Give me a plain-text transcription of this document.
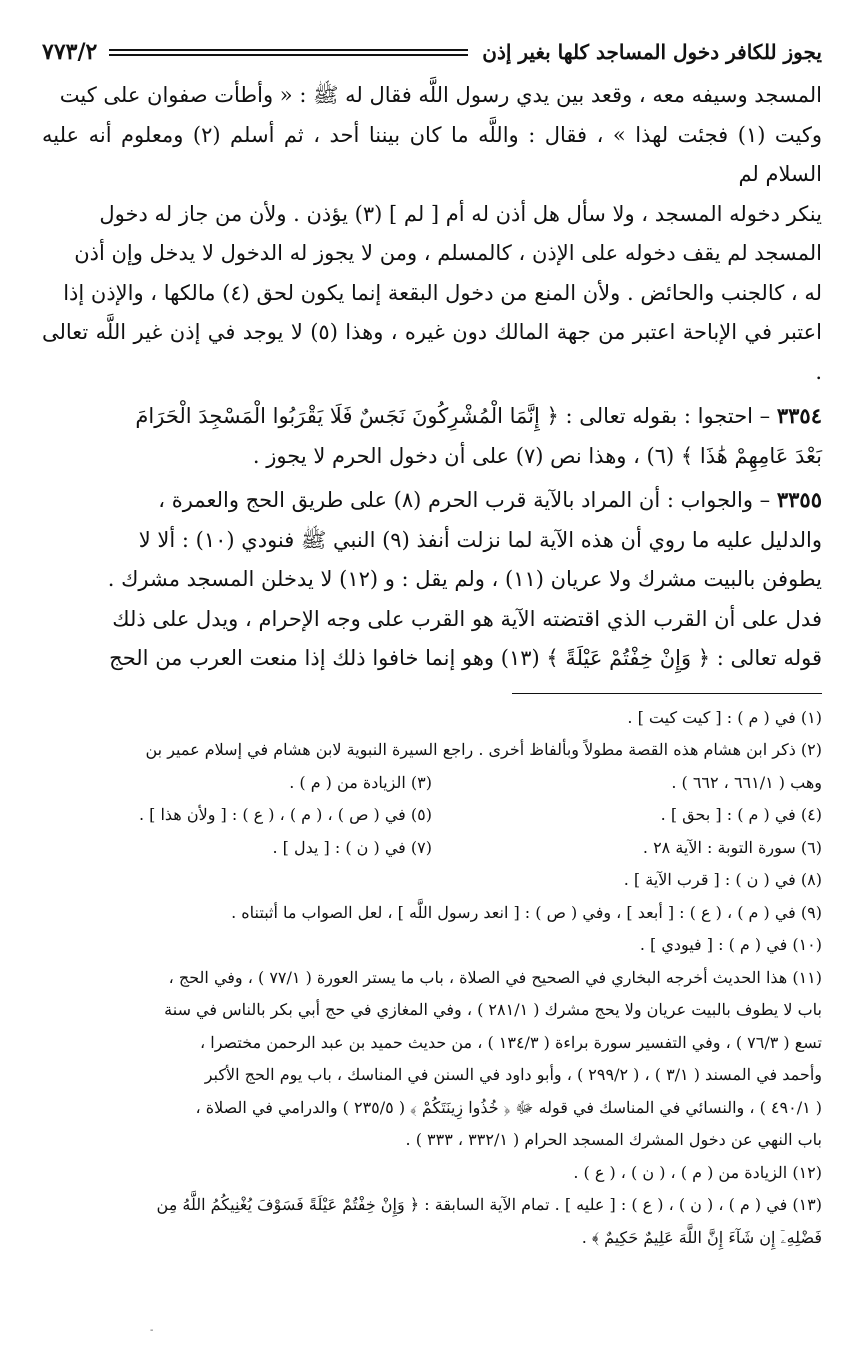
يجوز للكافر دخول المساجد كلها بغير إذن
٧٧٣/٢

المسجد وسيفه معه ، وقعد بين يدي رسول اللَّه فقال له ﷺ : « وأطأت صفوان على كيت

وكيت (١) فجئت لهذا » ، فقال : واللَّه ما كان بيننا أحد ، ثم أسلم (٢) ومعلوم أنه عليه السلام لم

ينكر دخوله المسجد ، ولا سأل هل أذن له أم [ لم ] (٣) يؤذن . ولأن من جاز له دخول

المسجد لم يقف دخوله على الإذن ، كالمسلم ، ومن لا يجوز له الدخول لا يدخل وإن أذن

له ، كالجنب والحائض . ولأن المنع من دخول البقعة إنما يكون لحق (٤) مالكها ، والإذن إذا

اعتبر في الإباحة اعتبر من جهة المالك دون غيره ، وهذا (٥) لا يوجد في إذن غير اللَّه تعالى .

٣٣٥٤ – احتجوا : بقوله تعالى : ﴿ إِنَّمَا الْمُشْرِكُونَ نَجَسٌ فَلَا يَقْرَبُوا الْمَسْجِدَ الْحَرَامَ

بَعْدَ عَامِهِمْ هَٰذَا ﴾ (٦) ، وهذا نص (٧) على أن دخول الحرم لا يجوز .

٣٣٥٥ – والجواب : أن المراد بالآية قرب الحرم (٨) على طريق الحج والعمرة ،

والدليل عليه ما روي أن هذه الآية لما نزلت أنفذ (٩) النبي ﷺ فنودي (١٠) : ألا لا

يطوفن بالبيت مشرك ولا عريان (١١) ، ولم يقل : و (١٢) لا يدخلن المسجد مشرك .

فدل على أن القرب الذي اقتضته الآية هو القرب على وجه الإحرام ، ويدل على ذلك

قوله تعالى : ﴿ وَإِنْ خِفْتُمْ عَيْلَةً ﴾ (١٣) وهو إنما خافوا ذلك إذا منعت العرب من الحج

(١) في ( م ) : [ كيت كيت ] .

(٢) ذكر ابن هشام هذه القصة مطولاً وبألفاظ أخرى . راجع السيرة النبوية لابن هشام في إسلام عمير بن

وهب ( ٦٦١/١ ، ٦٦٢ ) .

(٣) الزيادة من ( م ) .

(٤) في ( م ) : [ بحق ] .

(٥) في ( ص ) ، ( م ) ، ( ع ) : [ ولأن هذا ] .

(٦) سورة التوبة : الآية ٢٨ .

(٧) في ( ن ) : [ يدل ] .

(٨) في ( ن ) : [ قرب الآية ] .

(٩) في ( م ) ، ( ع ) : [ أبعد ] ، وفي ( ص ) : [ انعد رسول اللَّه ] ، لعل الصواب ما أثبتناه .

(١٠) في ( م ) : [ فيودي ] .

(١١) هذا الحديث أخرجه البخاري في الصحيح في الصلاة ، باب ما يستر العورة ( ٧٧/١ ) ، وفي الحج ،

باب لا يطوف بالبيت عريان ولا يحج مشرك ( ٢٨١/١ ) ، وفي المغازي في حج أبي بكر بالناس في سنة

تسع ( ٧٦/٣ ) ، وفي التفسير سورة براءة ( ١٣٤/٣ ) ، من حديث حميد بن عبد الرحمن مختصرا ،

وأحمد في المسند ( ٣/١ ) ، ( ٢٩٩/٢ ) ، وأبو داود في السنن في المناسك ، باب يوم الحج الأكبر

( ٤٩٠/١ ) ، والنسائي في المناسك في قوله ﷻ ﴿ خُذُوا زِينَتَكُمْ ﴾ ( ٢٣٥/٥ ) والدرامي في الصلاة ،

باب النهي عن دخول المشرك المسجد الحرام ( ٣٣٢/١ ، ٣٣٣ ) .

(١٢) الزيادة من ( م ) ، ( ن ) ، ( ع ) .

(١٣) في ( م ) ، ( ن ) ، ( ع ) : [ عليه ] . تمام الآية السابقة : ﴿ وَإِنْ خِفْتُمْ عَيْلَةً فَسَوْفَ يُغْنِيكُمُ اللَّهُ مِن

فَضْلِهِۦٓ إِن شَآءَ إِنَّ اللَّهَ عَلِيمٌ حَكِيمٌ ﴾ .

-
